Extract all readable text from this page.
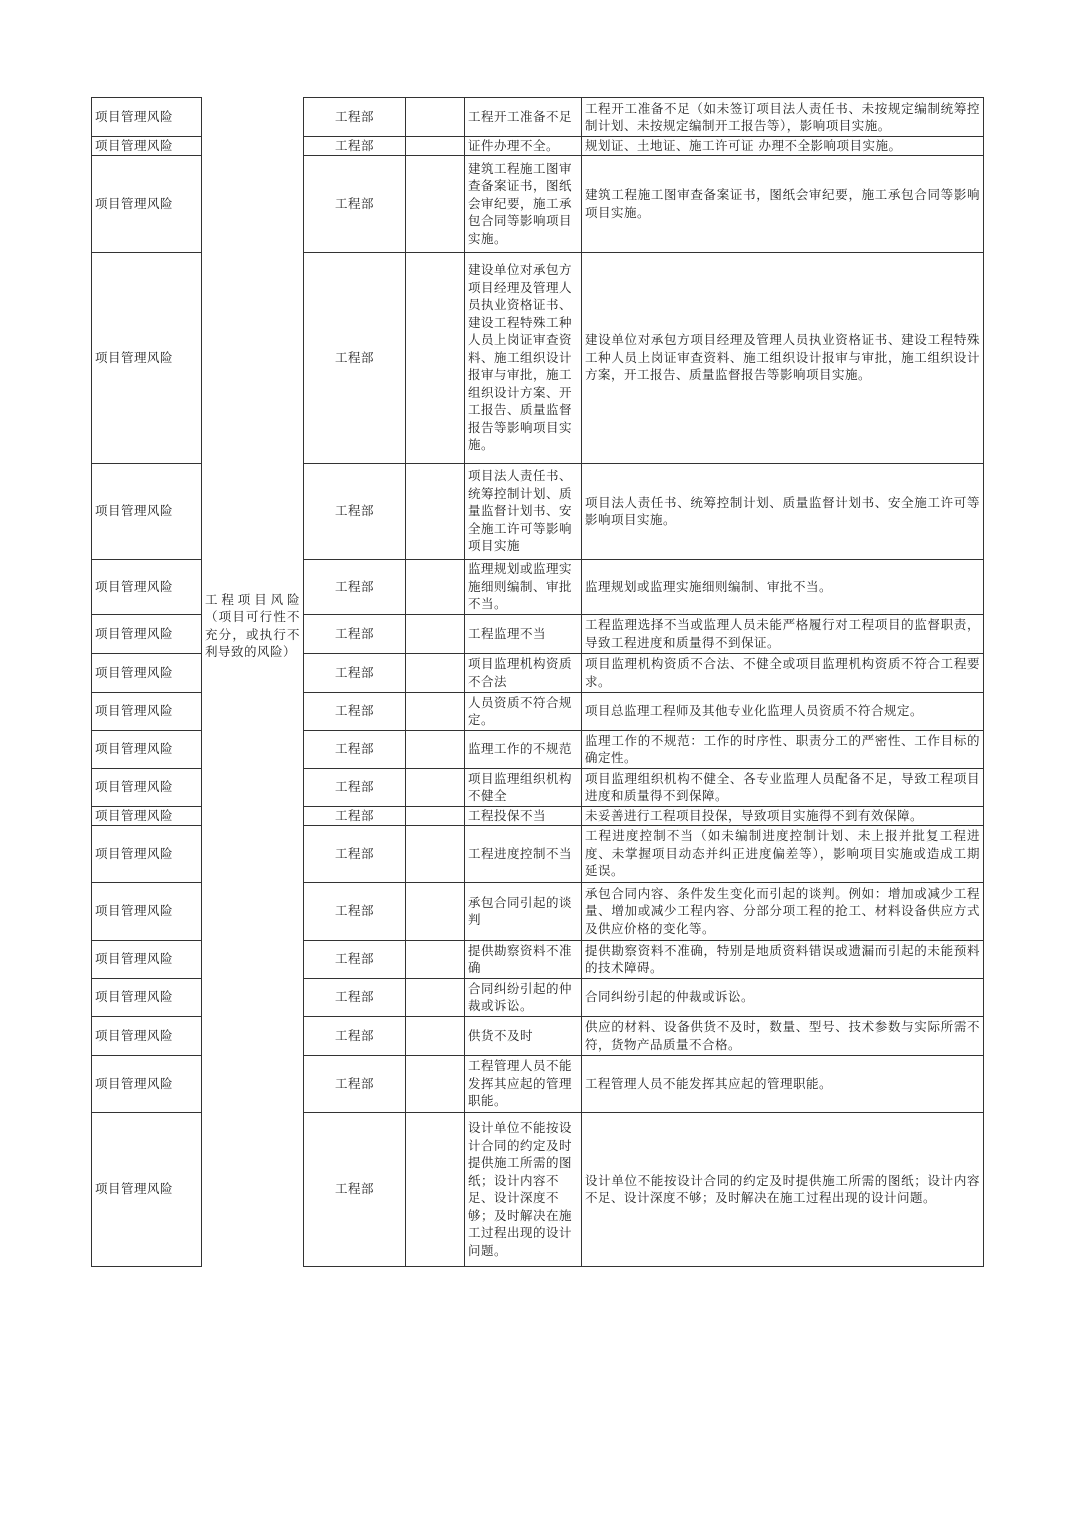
项目管理风险		工程部		工程开工准备不足	工程开工准备不足（如未签订项目法人责任书、未按规定编制统筹控制计划、未按规定编制开工报告等），影响项目实施。
项目管理风险		工程部		证件办理不全。	规划证、土地证、施工许可证 办理不全影响项目实施。
项目管理风险		工程部		建筑工程施工图审查备案证书，图纸会审纪要，施工承包合同等影响项目实施。	建筑工程施工图审查备案证书，图纸会审纪要，施工承包合同等影响项目实施。
项目管理风险		工程部		建设单位对承包方项目经理及管理人员执业资格证书、建设工程特殊工种人员上岗证审查资料、施工组织设计报审与审批，施工组织设计方案、开工报告、质量监督报告等影响项目实施。	建设单位对承包方项目经理及管理人员执业资格证书、建设工程特殊工种人员上岗证审查资料、施工组织设计报审与审批，施工组织设计方案，开工报告、质量监督报告等影响项目实施。
项目管理风险		工程部		项目法人责任书、统筹控制计划、质量监督计划书、安全施工许可等影响项目实施	项目法人责任书、统筹控制计划、质量监督计划书、安全施工许可等影响项目实施。
项目管理风险	工程项目风险（项目可行性不充分，或执行不利导致的风险）	工程部		监理规划或监理实施细则编制、审批不当。	监理规划或监理实施细则编制、审批不当。
项目管理风险		工程部		工程监理不当	工程监理选择不当或监理人员未能严格履行对工程项目的监督职责，导致工程进度和质量得不到保证。
项目管理风险		工程部		项目监理机构资质不合法	项目监理机构资质不合法、不健全或项目监理机构资质不符合工程要求。
项目管理风险		工程部		人员资质不符合规定。	项目总监理工程师及其他专业化监理人员资质不符合规定。
项目管理风险		工程部		监理工作的不规范	监理工作的不规范：工作的时序性、职责分工的严密性、工作目标的确定性。
项目管理风险		工程部		项目监理组织机构不健全	项目监理组织机构不健全、各专业监理人员配备不足，导致工程项目进度和质量得不到保障。
项目管理风险		工程部		工程投保不当	未妥善进行工程项目投保，导致项目实施得不到有效保障。
项目管理风险		工程部		工程进度控制不当	工程进度控制不当（如未编制进度控制计划、未上报并批复工程进度、未掌握项目动态并纠正进度偏差等），影响项目实施或造成工期延误。
项目管理风险		工程部		承包合同引起的谈判	承包合同内容、条件发生变化而引起的谈判。例如：增加或减少工程量、增加或减少工程内容、分部分项工程的抢工、材料设备供应方式及供应价格的变化等。
项目管理风险		工程部		提供勘察资料不准确	提供勘察资料不准确，特别是地质资料错误或遗漏而引起的未能预料的技术障碍。
项目管理风险		工程部		合同纠纷引起的仲裁或诉讼。	合同纠纷引起的仲裁或诉讼。
项目管理风险		工程部		供货不及时	供应的材料、设备供货不及时，数量、型号、技术参数与实际所需不符，货物产品质量不合格。
项目管理风险		工程部		工程管理人员不能发挥其应起的管理职能。	工程管理人员不能发挥其应起的管理职能。
项目管理风险		工程部		设计单位不能按设计合同的约定及时提供施工所需的图纸；设计内容不足、设计深度不够；及时解决在施工过程出现的设计问题。	设计单位不能按设计合同的约定及时提供施工所需的图纸；设计内容不足、设计深度不够；及时解决在施工过程出现的设计问题。
